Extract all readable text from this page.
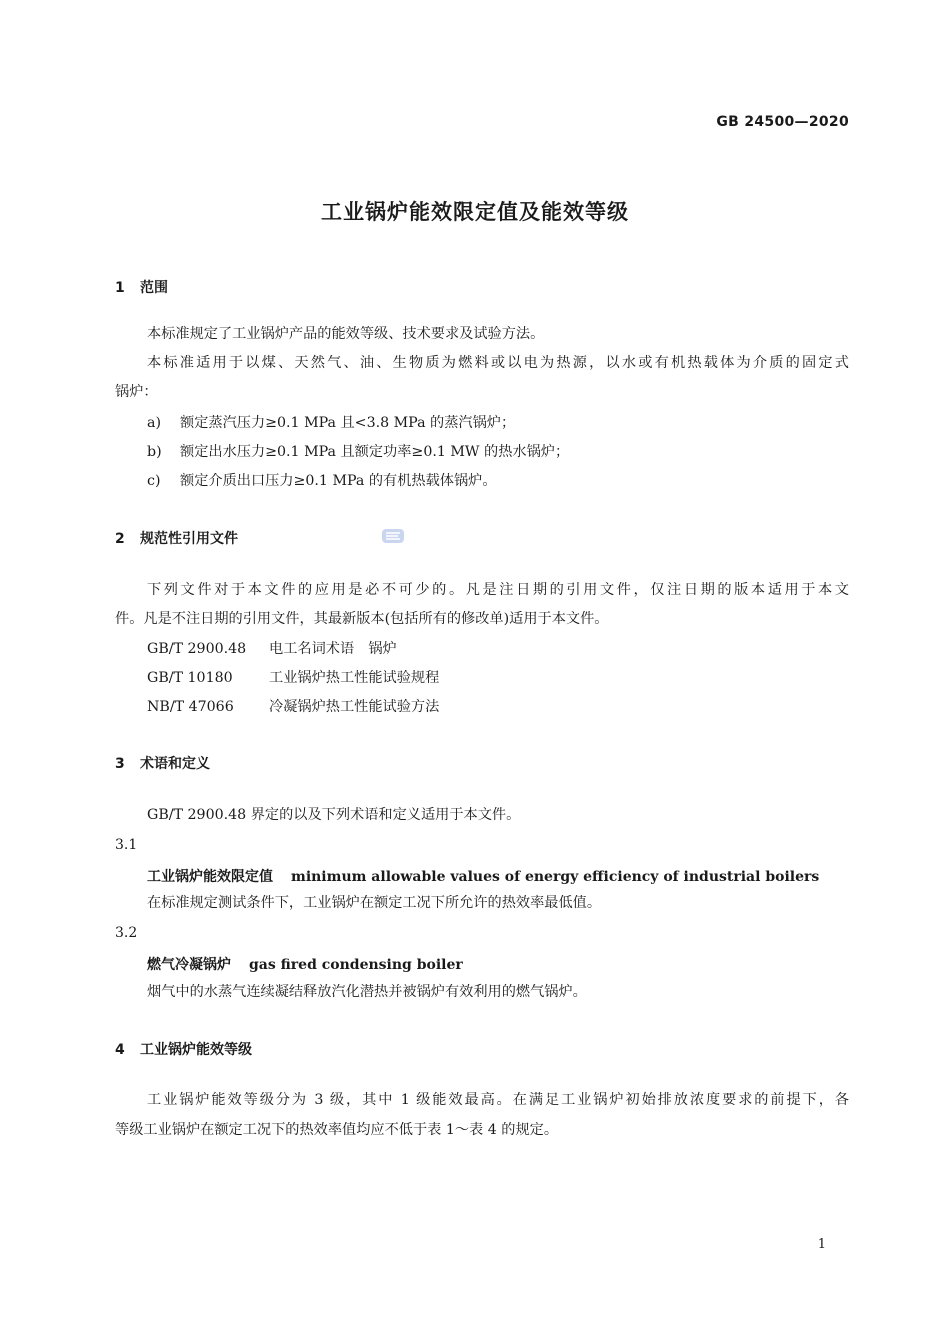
GB 24500—2020
工业锅炉能效限定值及能效等级
1 范围
本标准规定了工业锅炉产品的能效等级、技术要求及试验方法。
本标准适用于以煤、天然气、油、生物质为燃料或以电为热源，以水或有机热载体为介质的固定式
锅炉：
a) 额定蒸汽压力≥0.1 MPa 且<3.8 MPa 的蒸汽锅炉；
b) 额定出水压力≥0.1 MPa 且额定功率≥0.1 MW 的热水锅炉；
c) 额定介质出口压力≥0.1 MPa 的有机热载体锅炉。
2 规范性引用文件
下列文件对于本文件的应用是必不可少的。凡是注日期的引用文件，仅注日期的版本适用于本文
件。凡是不注日期的引用文件，其最新版本(包括所有的修改单)适用于本文件。
GB/T 2900.48 电工名词术语　锅炉
GB/T 10180	工业锅炉热工性能试验规程
NB/T 47066 冷凝锅炉热工性能试验方法
3 术语和定义
GB/T 2900.48 界定的以及下列术语和定义适用于本文件。
3.1
工业锅炉能效限定值 minimum allowable values of energy efficiency of industrial boilers
在标准规定测试条件下，工业锅炉在额定工况下所允许的热效率最低值。
3.2
燃气冷凝锅炉 gas fired condensing boiler
烟气中的水蒸气连续凝结释放汽化潜热并被锅炉有效利用的燃气锅炉。
4 工业锅炉能效等级
工业锅炉能效等级分为 3 级，其中 1 级能效最高。在满足工业锅炉初始排放浓度要求的前提下，各
等级工业锅炉在额定工况下的热效率值均应不低于表 1～表 4 的规定。
1
